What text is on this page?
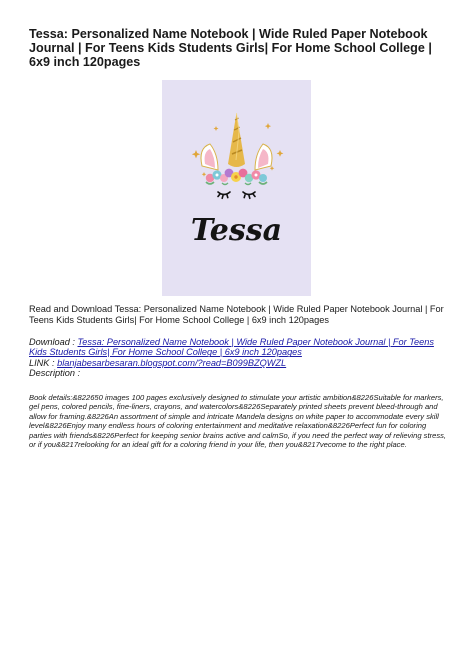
Tessa: Personalized Name Notebook | Wide Ruled Paper Notebook Journal | For Teens Kids Students Girls| For Home School College | 6x9 inch 120pages
Tessa

Read and Download Tessa: Personalized Name Notebook | Wide Ruled Paper Notebook Journal | For Teens Kids Students Girls| For Home School College | 6x9 inch 120pages

Download : Tessa: Personalized Name Notebook | Wide Ruled Paper Notebook Journal | For Teens Kids Students Girls| For Home School College | 6x9 inch 120pages
LINK : blanjabesarbesaran.blogspot.com/?read=B099BZQWZL
Description :

Book details:&822650 images 100 pages exclusively designed to stimulate your artistic ambition&8226Suitable for markers, gel pens, colored pencils, fine-liners, crayons, and watercolors&8226Separately printed sheets prevent bleed-through and allow for framing.&8226An assortment of simple and intricate Mandela designs on white paper to accommodate every skill level&8226Enjoy many endless hours of coloring entertainment and meditative relaxation&8226Perfect fun for coloring parties with friends&8226Perfect for keeping senior brains active and calmSo, if you need the perfect way of relieving stress, or if you&8217relooking for an ideal gift for a coloring friend in your life, then you&8217vecome to the right place.
